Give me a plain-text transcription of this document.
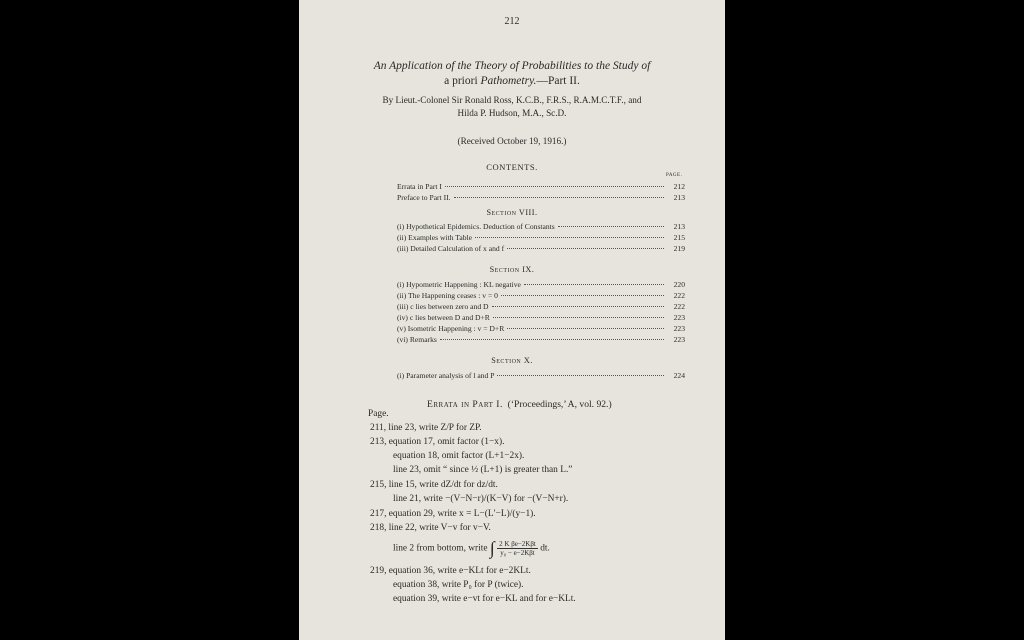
212
An Application of the Theory of Probabilities to the Study of
a priori Pathometry.—Part II.
By Lieut.-Colonel Sir Ronald Ross, K.C.B., F.R.S., R.A.M.C.T.F., and
Hilda P. Hudson, M.A., Sc.D.
(Received October 19, 1916.)
CONTENTS.
PAGE.
Errata in Part I	212
Preface to Part II.	213
Section VIII.
(i) Hypothetical Epidemics. Deduction of Constants	213
(ii) Examples with Table	215
(iii) Detailed Calculation of x and f	219
Section IX.
(i) Hypometric Happening : KL negative	220
(ii) The Happening ceases : v = 0	222
(iii) c lies between zero and D	222
(iv) c lies between D and D+R	223
(v) Isometric Happening : v = D+R	223
(vi) Remarks	223
Section X.
(i) Parameter analysis of l and P	224
Errata in Part I. (‘Proceedings,’ A, vol. 92.)
Page.
211, line 23, write Z/P for ZP.
213, equation 17, omit factor (1−x).
equation 18, omit factor (L+1−2x).
line 23, omit “ since ½ (L+1) is greater than L.”
215, line 15, write dZ/dt for dz/dt.
line 21, write −(V−N−r)/(K−V) for −(V−N+r).
217, equation 29, write x = L−(L′−L)/(y−1).
218, line 22, write V−v for v−V.
line 2 from bottom, write ∫ $\frac{\text{2 K βe−2Kβt}}{\text{y₀ − e−2Kβt}}$ dt.
219, equation 36, write e−KLt for e−2KLt.
equation 38, write P₀ for P (twice).
equation 39, write e−vt for e−KL and for e−KLt.
